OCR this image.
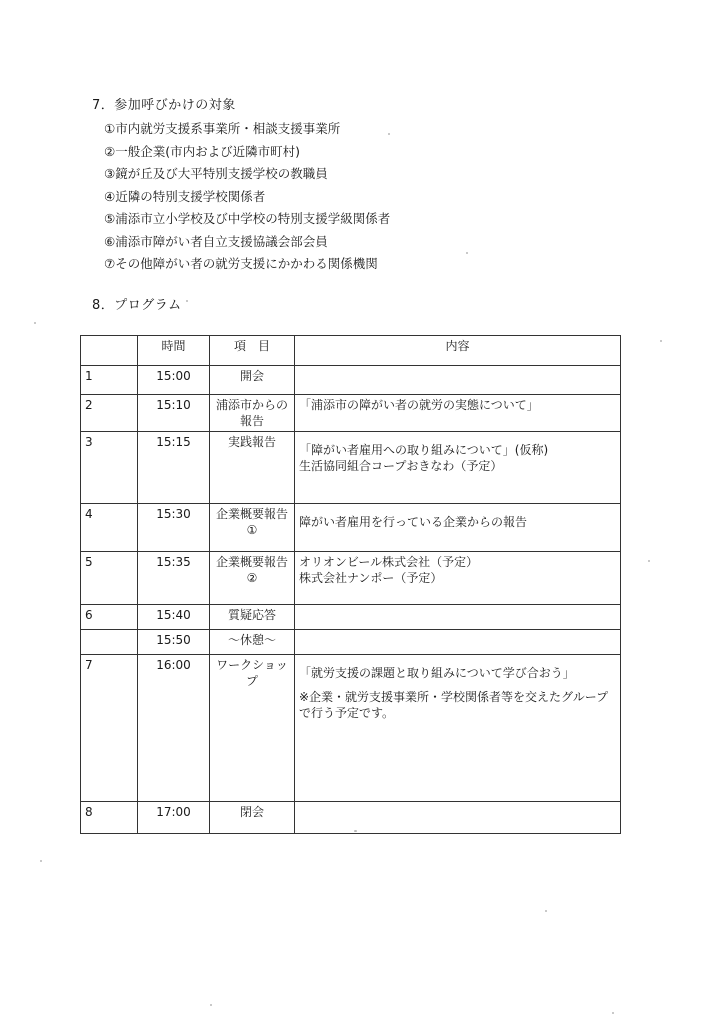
7．参加呼びかけの対象
①市内就労支援系事業所・相談支援事業所
②一般企業(市内および近隣市町村)
③鏡が丘及び大平特別支援学校の教職員
④近隣の特別支援学校関係者
⑤浦添市立小学校及び中学校の特別支援学級関係者
⑥浦添市障がい者自立支援協議会部会員
⑦その他障がい者の就労支援にかかわる関係機関
8．プログラム
	時間	項　目	内容
1	15:00	開会	

2	15:10	浦添市からの報告	「浦添市の障がい者の就労の実態について」

3	15:15	実践報告	「障がい者雇用への取り組みについて」(仮称)
生活協同組合コープおきなわ（予定）

4	15:30	企業概要報告①	障がい者雇用を行っている企業からの報告

5	15:35	企業概要報告②	オリオンビール株式会社（予定）
株式会社ナンポー（予定）

6	15:40	質疑応答	

	15:50	～休憩～	

7	16:00	ワークショップ	「就労支援の課題と取り組みについて学び合おう」
※企業・就労支援事業所・学校関係者等を交えたグループで行う予定です。

8	17:00	閉会	
